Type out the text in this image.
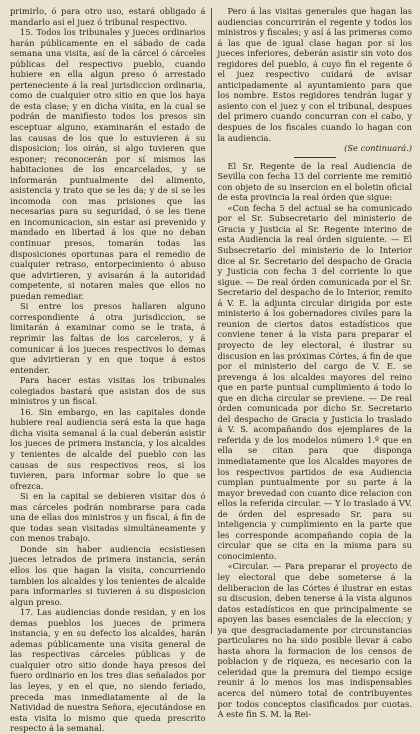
primirlo, ó para otro uso, estará obligado á mandarlo así el juez ó tribunal respectivo.

15. Todos los tribunales y jueces ordinarios harán públicamente en el sábado de cada semana una visita, así de la cárcel ó cárceles públicas del respectivo pueblo, cuando hubiere en ella algun preso ó arrestado perteneciente á la real jurisdiccion ordinaria, como de cualquier otro sitio en que los haya de esta clase; y en dicha visita, en la cual se podrán de manifiesto todos los presos sin esceptuar alguno, examinarán el estado de las causas de los que lo estuvieren á su disposicion; los oirán, si algo tuvieren que esponer; reconocerán por sí mismos las habitaciones de los encarcelados, y se informarán puntualmente del alimento, asistencia y trato que se les da; y de si se les incomoda con mas prisiones que las necesarias para su seguridad, ó se les tiene en incomunicacion, sin estar así prevenido y mandado en libertad á los que no deban continuar presos, tomarán todas las disposiciones oportunas para el remedio de cualquier retraso, entorpecimiento ó abuso que advirtieren, y avisarán á la autoridad competente, si notaren males que ellos no puedan remediar.

Si entre los presos hallaren alguno correspondiente á otra jurisdiccion, se limitarán á examinar como se le trata, á reprimir las faltas de los carceleros, y á comunicar á los jueces respectivos lo demas que advirtieran y en que toque á estos entender.

Para hacer estas visitas los tribunales colegiados bastará que asistan dos de sus ministros y un fiscal.

16. Sin embargo, en las capitales donde hubiere real audiencia será esta la que haga dicha visita semanal á la cual deberán asistir los jueces de primera instancia, y los alcaldes y tenientes de alcalde del pueblo con las causas de sus respectivos reos, si los tuvieren, para informar sobre lo que se ofrezca.

Si en la capital se debieren visitar dos ó mas cárceles podrán nombrarse para cada una de ellas dos ministros y un fiscal, á fin de que todas sean visitadas simultáneamente y con menos trabajo.

Donde sin haber audiencia ecsistiesen jueces letrados de primera instancia, serán ellos los que hagan la visita, concurriendo tambien los alcaldes y los tenientes de alcalde para informarles si tuvieren á su disposicion algun preso.

17. Las audiencias donde residan, y en los demas pueblos los jueces de primera instancia, y en su defecto los alcaldes, harán ademas públicamente una visita general de las respectivas cárceles públicas y de cualquier otro sitio donde haya presos del fuero ordinario en los tres dias señalados por las leyes, y en el que, no siendo feriado, preceda mas inmediatamente al de la Natividad de nuestra Señora, ejecutándose en esta visita lo mismo que queda prescrito respecto á la semanal.

Pero á las visitas generales que hagan las audiencias concurrirán el regente y todos los ministros y fiscales; y así á las primeras como á las que de igual clase hagan por sí los jueces inferiores, deberán asistir sin voto dos regidores del pueblo, á cuyo fin el regente ó el juez respectivo cuidará de avisar anticipadamente al ayuntamiento para que los nombre. Estos regidores tendrán lugar y asiento con el juez y con el tribunal, despues del primero cuando concurran con el cabo, y despues de los fiscales cuando lo hagan con la audiencia.

(Se continuará.)

El Sr. Regente de la real Audiencia de Sevilla con fecha 13 del corriente me remitió con objeto de su insercion en el boletin oficial de esta provincia la real órden que sigue:

«Con fecha 5 del actual se ha comunicado por el Sr. Subsecretario del ministerio de Gracia y Justicia al Sr. Regente interino de esta Audiencia la real órden siguiente. — El Subsecretario del ministerio de lo Interior dice al Sr. Secretario del despacho de Gracia y Justicia con fecha 3 del corriente lo que sigue. — De real órden comunicada por el Sr. Secretario del despacho de lo Interior, remito á V. E. la adjunta circular dirigida por este ministerio á los gobernadores civiles para la reunion de ciertos datos estadísticos que conviene tener á la vista para preparar el proyecto de ley electoral, é ilustrar su discusion en las próximas Córtes, á fin de que por el ministerio del cargo de V. E. se prevenga á los alcaldes mayores del reino que en parte puntual cumplimiento á todo lo que en dicha circular se previene. — De real órden comunicada por dicho Sr. Secretario del despacho de Gracia y Justicia lo traslado á V. S. acompañando dos ejemplares de la referida y de los modelos número 1.º que en ella se citan para que disponga inmediatamente que los Alcaldes mayores de los respectivos partidos de esa Audiencia cumplan puntualmente por su parte á la mayor brevedad con cuanto dice relacion con ellos la referida circular. — Y lo traslado á VV. de órden del espresado Sr. para su inteligencia y cumplimiento en la parte que les corresponde acompañando copia de la circular que se cita en la misma para su conocimiento.

«Circular. — Para preparar el proyecto de ley electoral que debe someterse á la deliberacion de las Córtes é ilustrar en estas su discusion, deben tenerse á la vista algunos datos estadísticos en que principalmente se apoyen las bases esenciales de la eleccion; y ya que desgraciadamente por circunstancias particulares no ha sido posible llevar á cabo hasta ahora la formacion de los censos de poblacion y de riqueza, es necesario con la celeridad que la premura del tiempo ecsige reunir á lo menos los mas indispensables acerca del número total de contribuyentes por todos conceptos clasificados por cuotas. A este fin S. M. la Rei-
